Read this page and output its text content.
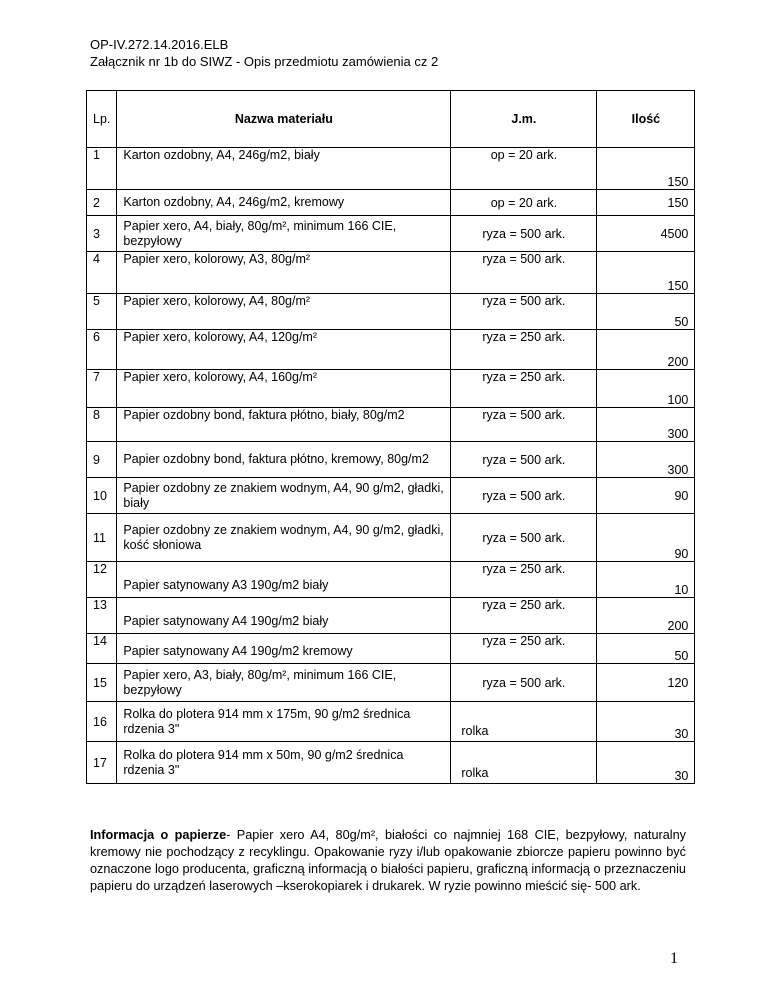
OP-IV.272.14.2016.ELB
Załącznik nr 1b do SIWZ - Opis przedmiotu zamówienia cz 2
Lp.	Nazwa materiału	J.m.	Ilość
1	Karton ozdobny, A4, 246g/m2, biały	op = 20 ark.	150
2	Karton ozdobny, A4, 246g/m2, kremowy	op = 20 ark.	150
3	Papier xero, A4, biały, 80g/m², minimum 166 CIE, bezpyłowy	ryza = 500 ark.	4500
4	Papier xero, kolorowy, A3, 80g/m²	ryza = 500 ark.	150
5	Papier xero, kolorowy, A4, 80g/m²	ryza = 500 ark.	50
6	Papier xero, kolorowy, A4, 120g/m²	ryza = 250 ark.	200
7	Papier xero, kolorowy, A4, 160g/m²	ryza = 250 ark.	100
8	Papier ozdobny bond, faktura płótno, biały, 80g/m2	ryza = 500 ark.	300
9	Papier ozdobny bond, faktura płótno, kremowy, 80g/m2	ryza = 500 ark.	300
10	Papier ozdobny ze znakiem wodnym, A4, 90 g/m2, gładki, biały	ryza = 500 ark.	90
11	Papier ozdobny ze znakiem wodnym, A4, 90 g/m2, gładki, kość słoniowa	ryza = 500 ark.	90
12	Papier satynowany A3 190g/m2 biały	ryza = 250 ark.	10
13	Papier satynowany A4 190g/m2 biały	ryza = 250 ark.	200
14	Papier satynowany A4 190g/m2 kremowy	ryza = 250 ark.	50
15	Papier xero, A3, biały, 80g/m², minimum 166 CIE, bezpyłowy	ryza = 500 ark.	120
16	Rolka do plotera 914 mm x 175m, 90 g/m2 średnica rdzenia 3"	rolka	30
17	Rolka do plotera 914 mm x 50m, 90 g/m2 średnica rdzenia 3"	rolka	30
Informacja o papierze- Papier xero A4, 80g/m², białości co najmniej 168 CIE, bezpyłowy, naturalny kremowy nie pochodzący z recyklingu. Opakowanie ryzy i/lub opakowanie zbiorcze papieru powinno być oznaczone logo producenta, graficzną informacją o białości papieru, graficzną informacją o przeznaczeniu papieru do urządzeń laserowych –kserokopiarek i drukarek. W ryzie powinno mieścić się- 500 ark.
1
